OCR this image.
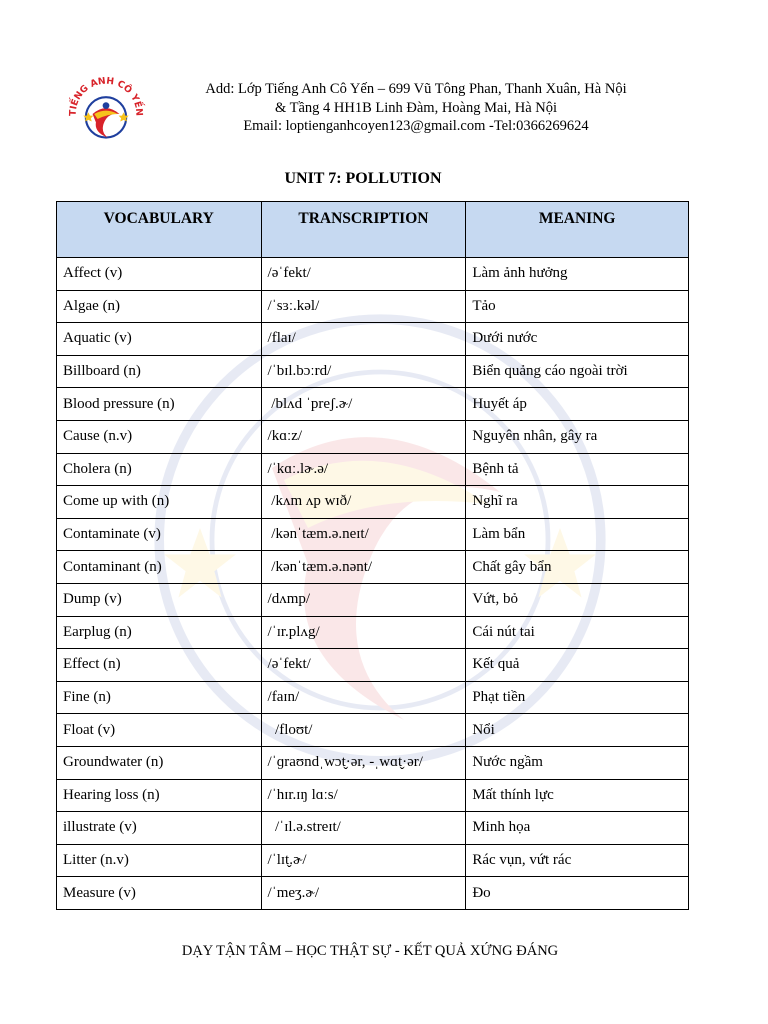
TIẾNG ANH CÔ YẾN
Add: Lớp Tiếng Anh Cô Yến – 699 Vũ Tông Phan, Thanh Xuân, Hà Nội
& Tầng 4 HH1B Linh Đàm, Hoàng Mai, Hà Nội
Email: loptienganhcoyen123@gmail.com -Tel:0366269624
UNIT 7: POLLUTION
VOCABULARY	TRANSCRIPTION	MEANING
Affect (v)	/əˈfekt/	Làm ảnh hưởng
Algae (n)	/ˈsɜː.kəl/	Tảo
Aquatic (v)	/flaɪ/	Dưới nước
Billboard (n)	/ˈbɪl.bɔːrd/	Biển quảng cáo ngoài trời
Blood pressure (n)	/blʌd ˈpreʃ.ɚ/	Huyết áp
Cause (n.v)	/kɑːz/	Nguyên nhân, gây ra
Cholera (n)	/ˈkɑː.lɚ.ə/	Bệnh tả
Come up with (n)	/kʌm ʌp wɪð/	Nghĩ ra
Contaminate (v)	/kənˈtæm.ə.neɪt/	Làm bẩn
Contaminant (n)	/kənˈtæm.ə.nənt/	Chất gây bẩn
Dump (v)	/dʌmp/	Vứt, bỏ
Earplug (n)	/ˈɪr.plʌg/	Cái nút tai
Effect (n)	/əˈfekt/	Kết quả
Fine (n)	/faɪn/	Phạt tiền
Float (v)	/floʊt/	Nổi
Groundwater (n)	/ˈɡraʊndˌwɔt̬·ər, -ˌwɑt̬·ər/	Nước ngầm
Hearing loss (n)	/ˈhɪr.ɪŋ lɑːs/	Mất thính lực
illustrate (v)	/ˈɪl.ə.streɪt/	Minh họa
Litter (n.v)	/ˈlɪt̬.ɚ/	Rác vụn, vứt rác
Measure (v)	/ˈmeʒ.ɚ/	Đo
DẠY TẬN TÂM – HỌC THẬT SỰ - KẾT QUẢ XỨNG ĐÁNG
